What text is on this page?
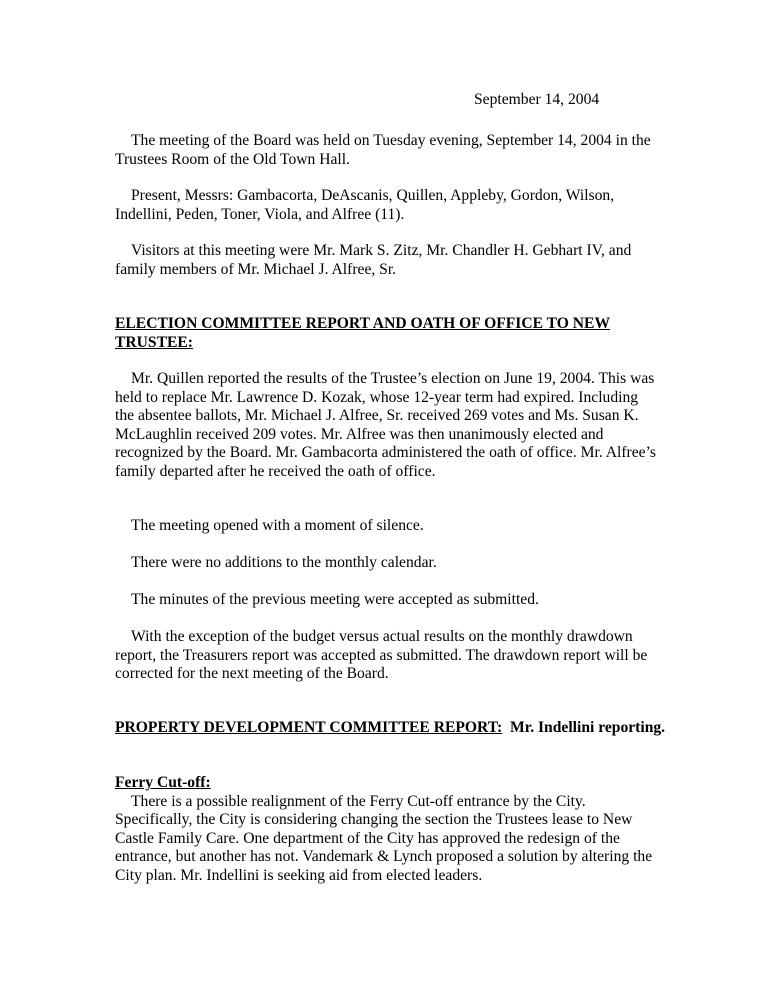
September 14, 2004

The meeting of the Board was held on Tuesday evening, September 14, 2004 in the Trustees Room of the Old Town Hall.

Present, Messrs: Gambacorta, DeAscanis, Quillen, Appleby, Gordon, Wilson, Indellini, Peden, Toner, Viola, and Alfree (11).

Visitors at this meeting were Mr. Mark S. Zitz, Mr. Chandler H. Gebhart IV, and family members of Mr. Michael J. Alfree, Sr.

ELECTION COMMITTEE REPORT AND OATH OF OFFICE TO NEW TRUSTEE:

Mr. Quillen reported the results of the Trustee’s election on June 19, 2004. This was held to replace Mr. Lawrence D. Kozak, whose 12-year term had expired. Including the absentee ballots, Mr. Michael J. Alfree, Sr. received 269 votes and Ms. Susan K. McLaughlin received 209 votes. Mr. Alfree was then unanimously elected and recognized by the Board. Mr. Gambacorta administered the oath of office. Mr. Alfree’s family departed after he received the oath of office.

The meeting opened with a moment of silence.

There were no additions to the monthly calendar.

The minutes of the previous meeting were accepted as submitted.

With the exception of the budget versus actual results on the monthly drawdown report, the Treasurers report was accepted as submitted. The drawdown report will be corrected for the next meeting of the Board.

PROPERTY DEVELOPMENT COMMITTEE REPORT: Mr. Indellini reporting.

Ferry Cut-off:
There is a possible realignment of the Ferry Cut-off entrance by the City. Specifically, the City is considering changing the section the Trustees lease to New Castle Family Care. One department of the City has approved the redesign of the entrance, but another has not. Vandemark & Lynch proposed a solution by altering the City plan. Mr. Indellini is seeking aid from elected leaders.
